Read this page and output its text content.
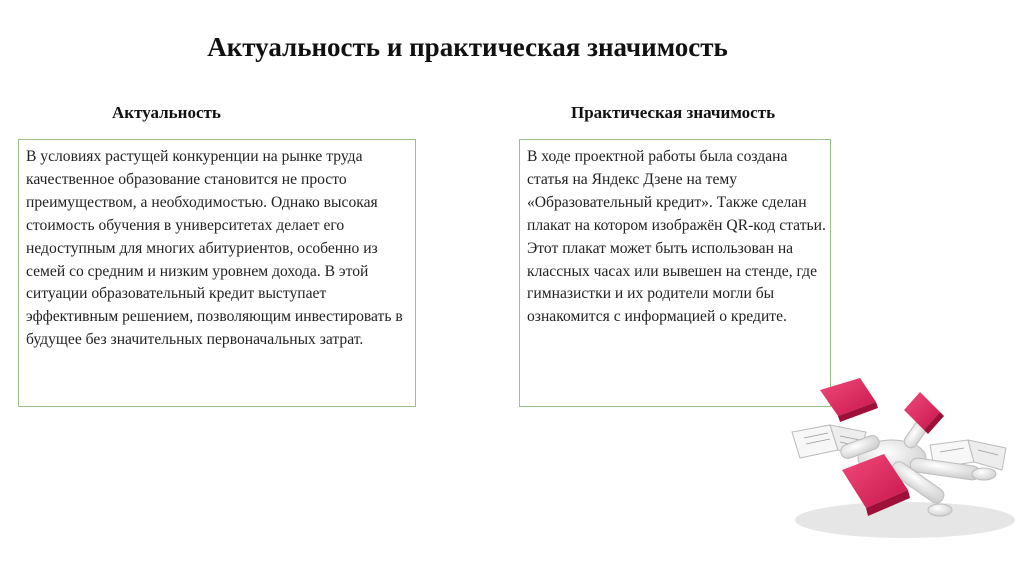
Актуальность и практическая значимость
Актуальность	Практическая значимость

В условиях растущей конкуренции на рынке труда качественное образование становится не просто преимуществом, а необходимостью. Однако высокая стоимость обучения в университетах делает его недоступным для многих абитуриентов, особенно из семей со средним и низким уровнем дохода. В этой ситуации образовательный кредит выступает эффективным решением, позволяющим инвестировать в будущее без значительных первоначальных затрат.

В ходе проектной работы была создана статья на Яндекс Дзене на тему «Образовательный кредит». Также сделан плакат на котором изображён QR-код статьи. Этот плакат может быть использован на классных часах или вывешен на стенде, где гимназистки и их родители могли бы ознакомится с информацией о кредите.
